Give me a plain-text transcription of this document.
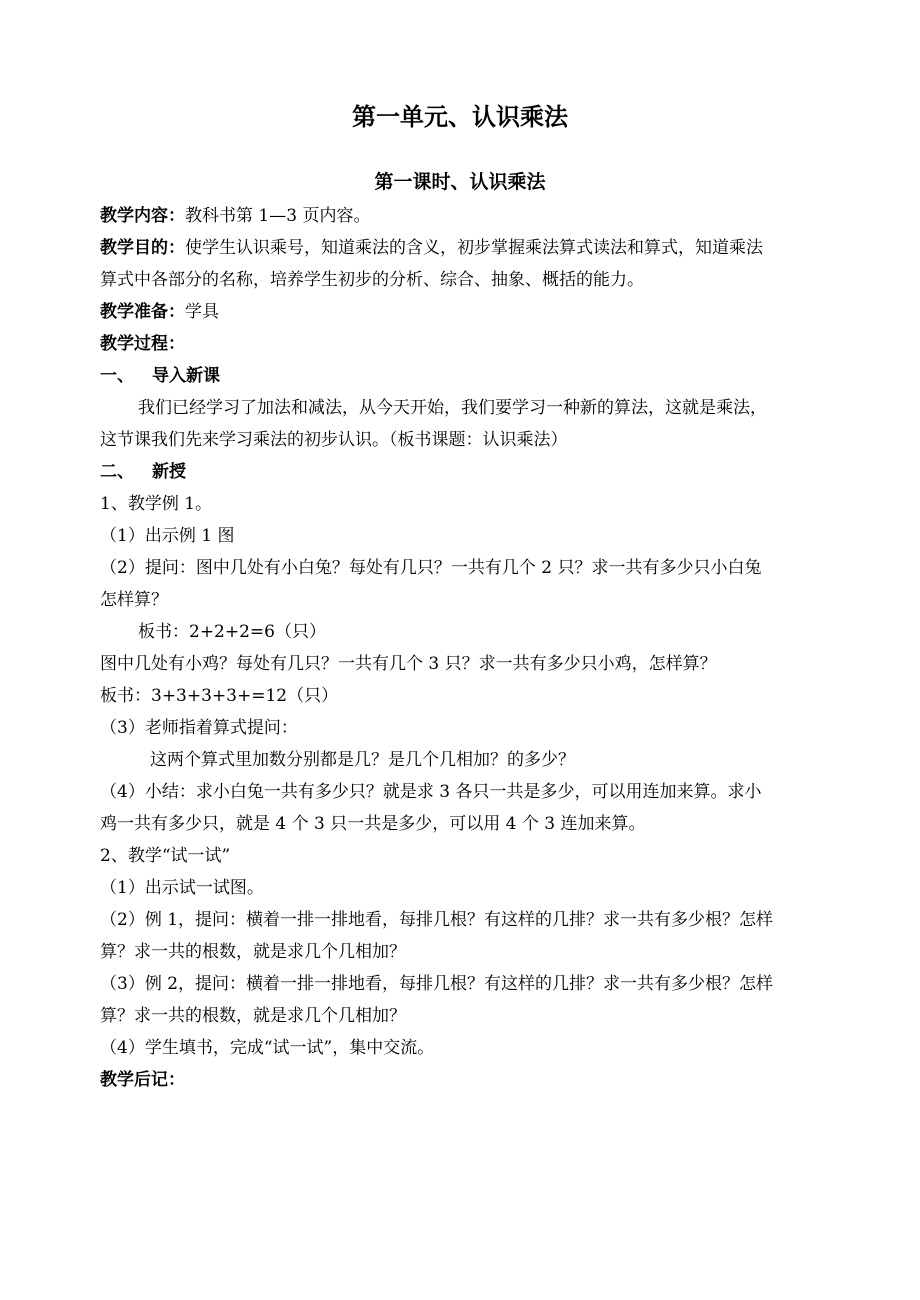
第一单元、认识乘法
第一课时、认识乘法
教学内容：教科书第 1—3 页内容。
教学目的：使学生认识乘号，知道乘法的含义，初步掌握乘法算式读法和算式，知道乘法
算式中各部分的名称，培养学生初步的分析、综合、抽象、概括的能力。
教学准备：学具
教学过程：
一、 导入新课
我们已经学习了加法和减法，从今天开始，我们要学习一种新的算法，这就是乘法，
这节课我们先来学习乘法的初步认识。（板书课题：认识乘法）
二、 新授
1、教学例 1。
（1）出示例 1 图
（2）提问：图中几处有小白兔？每处有几只？一共有几个 2 只？求一共有多少只小白兔
怎样算？
板书：2+2+2=6（只）
图中几处有小鸡？每处有几只？一共有几个 3 只？求一共有多少只小鸡，怎样算？
板书：3+3+3+3+=12（只）
（3）老师指着算式提问：
这两个算式里加数分别都是几？是几个几相加？的多少？
（4）小结：求小白兔一共有多少只？就是求 3 各只一共是多少，可以用连加来算。求小
鸡一共有多少只，就是 4 个 3 只一共是多少，可以用 4 个 3 连加来算。
2、教学“试一试”
（1）出示试一试图。
（2）例 1，提问：横着一排一排地看，每排几根？有这样的几排？求一共有多少根？怎样
算？求一共的根数，就是求几个几相加？
（3）例 2，提问：横着一排一排地看，每排几根？有这样的几排？求一共有多少根？怎样
算？求一共的根数，就是求几个几相加？
（4）学生填书，完成“试一试”，集中交流。
教学后记：
